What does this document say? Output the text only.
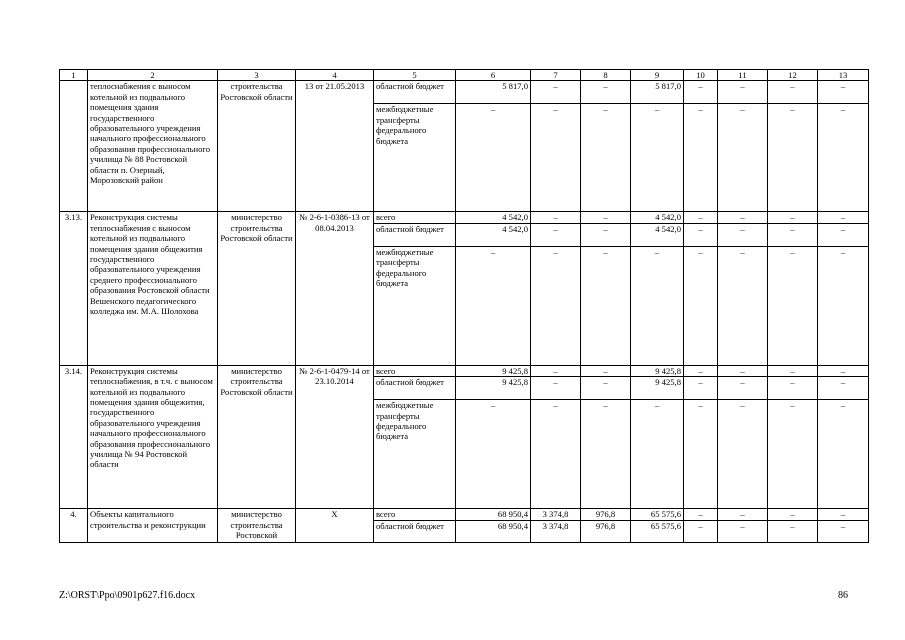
1	2	3	4	5	6	7	8	9	10	11	12	13
	теплоснабжения с выносом котельной из подвального помещения здания государственного образовательного учреждения начального профессионального образования профессионального училища № 88 Ростовской области п. Озерный, Морозовский район	строительства Ростовской области	13 от 21.05.2013	областной бюджет	5 817,0	–	–	5 817,0	–	–	–	–
				межбюджетные трансферты федерального бюджета	–	–	–	–	–	–	–	–
3.13.	Реконструкция системы теплоснабжения с выносом котельной из подвального помещения здания общежития государственного образовательного учреждения среднего профессионального образования Ростовской области Вешенского педагогического колледжа им. М.А. Шолохова	министерство строительства Ростовской области	№ 2-6-1-0386-13 от 08.04.2013	всего	4 542,0	–	–	4 542,0	–	–	–	–
				областной бюджет	4 542,0	–	–	4 542,0	–	–	–	–
				межбюджетные трансферты федерального бюджета	–	–	–	–	–	–	–	–
3.14.	Реконструкция системы теплоснабжения, в т.ч. с выносом котельной из подвального помещения здания общежития, государственного образовательного учреждения начального профессионального образования профессионального училища № 94 Ростовской области	министерство строительства Ростовской области	№ 2-6-1-0479-14 от 23.10.2014	всего	9 425,8	–	–	9 425,8	–	–	–	–
				областной бюджет	9 425,8	–	–	9 425,8	–	–	–	–
				межбюджетные трансферты федерального бюджета	–	–	–	–	–	–	–	–
4.	Объекты капитального строительства и реконструкции	министерство строительства Ростовской	Х	всего	68 950,4	3 374,8	976,8	65 575,6	–	–	–	–
				областной бюджет	68 950,4	3 374,8	976,8	65 575,6	–	–	–	–
Z:\ORST\Ppo\0901p627.f16.docx	86
